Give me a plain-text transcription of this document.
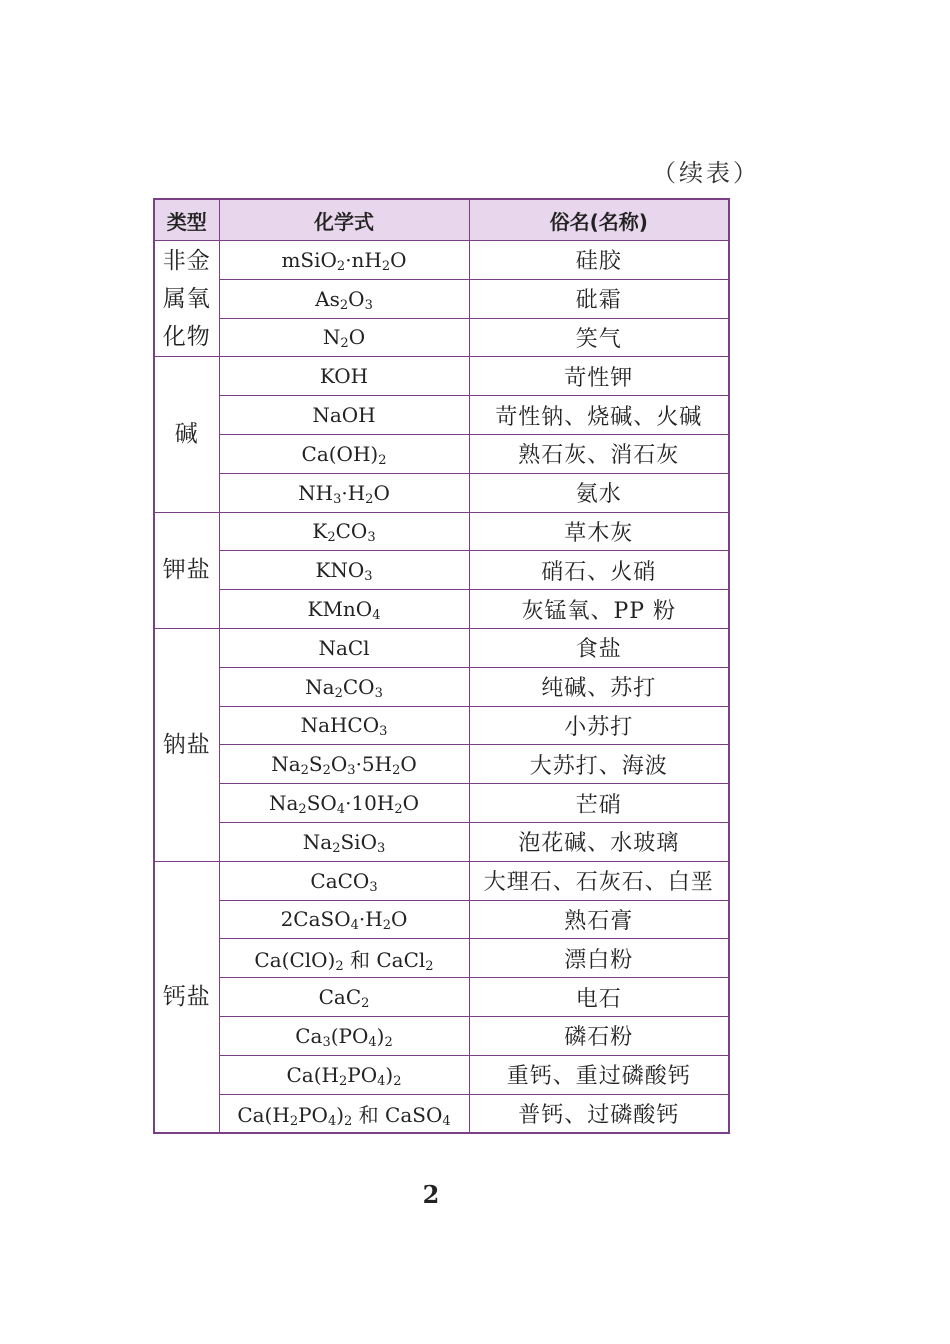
（续表）
类型	化学式	俗名(名称)
非金
属氧
化物	$mSiO_2\cdot nH_2O$	硅胶
	$As_2O_3$	砒霜
	$N_2O$	笑气
碱	KOH	苛性钾
	NaOH	苛性钠、烧碱、火碱
	$Ca(OH)_2$	熟石灰、消石灰
	$NH_3\cdot H_2O$	氨水
钾盐	$K_2CO_3$	草木灰
	$KNO_3$	硝石、火硝
	KMnO$_4$	灰锰氧、PP 粉
钠盐	NaCl	食盐
	$Na_2CO_3$	纯碱、苏打
	NaHCO$_3$	小苏打
	$Na_2S_2O_3\cdot 5H_2O$	大苏打、海波
	$Na_2SO_4\cdot 10H_2O$	芒硝
	$Na_2SiO_3$	泡花碱、水玻璃
钙盐	CaCO$_3$	大理石、石灰石、白垩
	$2CaSO_4\cdot H_2O$	熟石膏
	$Ca(ClO)_2$ 和 CaCl$_2$	漂白粉
	CaC$_2$	电石
	$Ca_3(PO_4)_2$	磷石粉
	$Ca(H_2PO_4)_2$	重钙、重过磷酸钙
	$Ca(H_2PO_4)_2$ 和 CaSO$_4$	普钙、过磷酸钙
2
